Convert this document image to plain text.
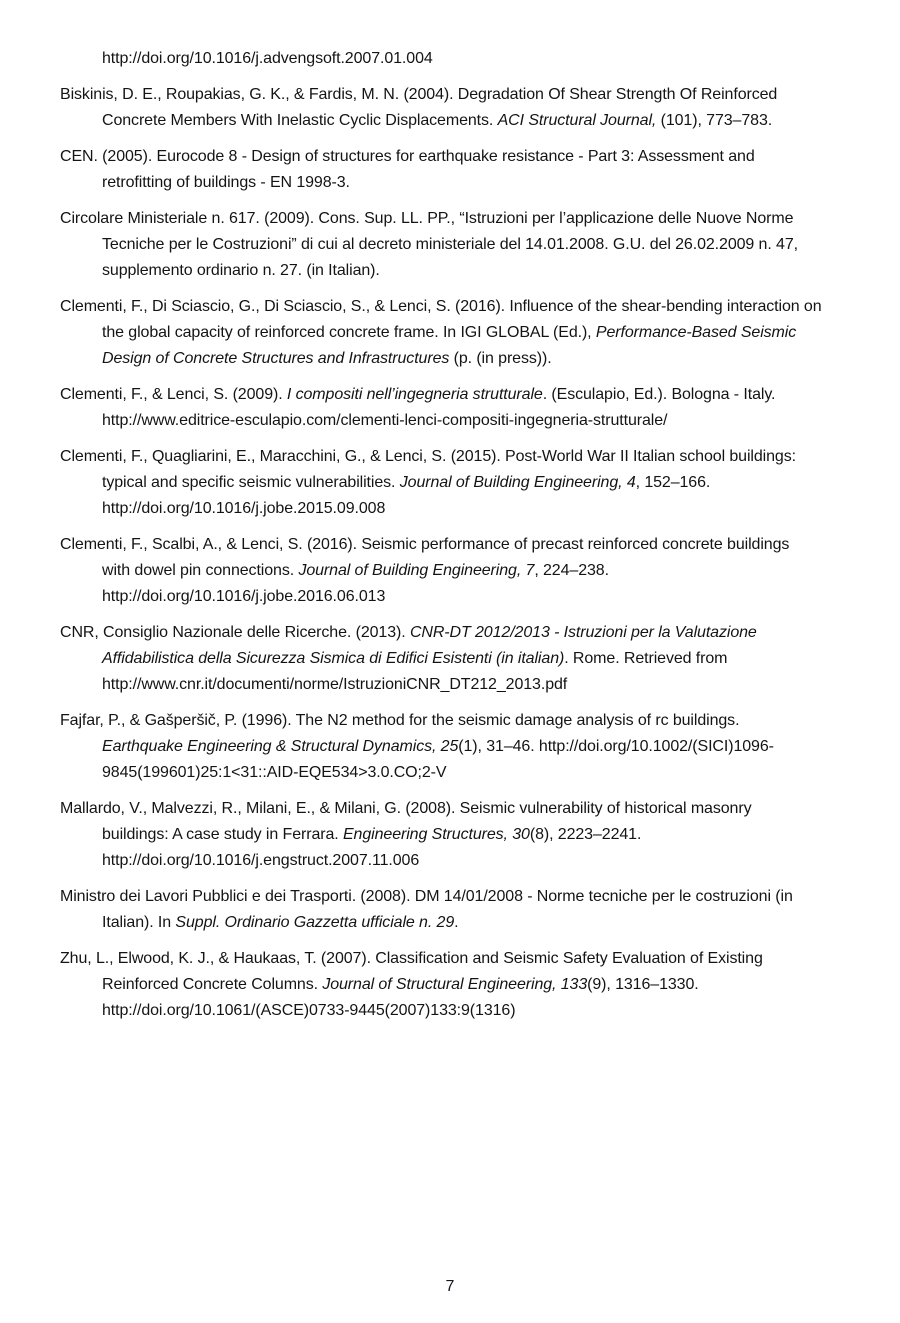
http://doi.org/10.1016/j.advengsoft.2007.01.004

Biskinis, D. E., Roupakias, G. K., & Fardis, M. N. (2004). Degradation Of Shear Strength Of Reinforced
Concrete Members With Inelastic Cyclic Displacements. ACI Structural Journal, (101), 773–783.

CEN. (2005). Eurocode 8 - Design of structures for earthquake resistance - Part 3: Assessment and
retrofitting of buildings - EN 1998-3.

Circolare Ministeriale n. 617. (2009). Cons. Sup. LL. PP., “Istruzioni per l’applicazione delle Nuove Norme
Tecniche per le Costruzioni” di cui al decreto ministeriale del 14.01.2008. G.U. del 26.02.2009 n. 47,
supplemento ordinario n. 27. (in Italian).

Clementi, F., Di Sciascio, G., Di Sciascio, S., & Lenci, S. (2016). Influence of the shear-bending interaction on
the global capacity of reinforced concrete frame. In IGI GLOBAL (Ed.), Performance-Based Seismic
Design of Concrete Structures and Infrastructures (p. (in press)).

Clementi, F., & Lenci, S. (2009). I compositi nell’ingegneria strutturale. (Esculapio, Ed.). Bologna - Italy.
http://www.editrice-esculapio.com/clementi-lenci-compositi-ingegneria-strutturale/

Clementi, F., Quagliarini, E., Maracchini, G., & Lenci, S. (2015). Post-World War II Italian school buildings:
typical and specific seismic vulnerabilities. Journal of Building Engineering, 4, 152–166.
http://doi.org/10.1016/j.jobe.2015.09.008

Clementi, F., Scalbi, A., & Lenci, S. (2016). Seismic performance of precast reinforced concrete buildings
with dowel pin connections. Journal of Building Engineering, 7, 224–238.
http://doi.org/10.1016/j.jobe.2016.06.013

CNR, Consiglio Nazionale delle Ricerche. (2013). CNR-DT 2012/2013 - Istruzioni per la Valutazione
Affidabilistica della Sicurezza Sismica di Edifici Esistenti (in italian). Rome. Retrieved from
http://www.cnr.it/documenti/norme/IstruzioniCNR_DT212_2013.pdf

Fajfar, P., & Gašperšič, P. (1996). The N2 method for the seismic damage analysis of rc buildings.
Earthquake Engineering & Structural Dynamics, 25(1), 31–46. http://doi.org/10.1002/(SICI)1096-
9845(199601)25:1<31::AID-EQE534>3.0.CO;2-V

Mallardo, V., Malvezzi, R., Milani, E., & Milani, G. (2008). Seismic vulnerability of historical masonry
buildings: A case study in Ferrara. Engineering Structures, 30(8), 2223–2241.
http://doi.org/10.1016/j.engstruct.2007.11.006

Ministro dei Lavori Pubblici e dei Trasporti. (2008). DM 14/01/2008 - Norme tecniche per le costruzioni (in
Italian). In Suppl. Ordinario Gazzetta ufficiale n. 29.

Zhu, L., Elwood, K. J., & Haukaas, T. (2007). Classification and Seismic Safety Evaluation of Existing
Reinforced Concrete Columns. Journal of Structural Engineering, 133(9), 1316–1330.
http://doi.org/10.1061/(ASCE)0733-9445(2007)133:9(1316)

7
